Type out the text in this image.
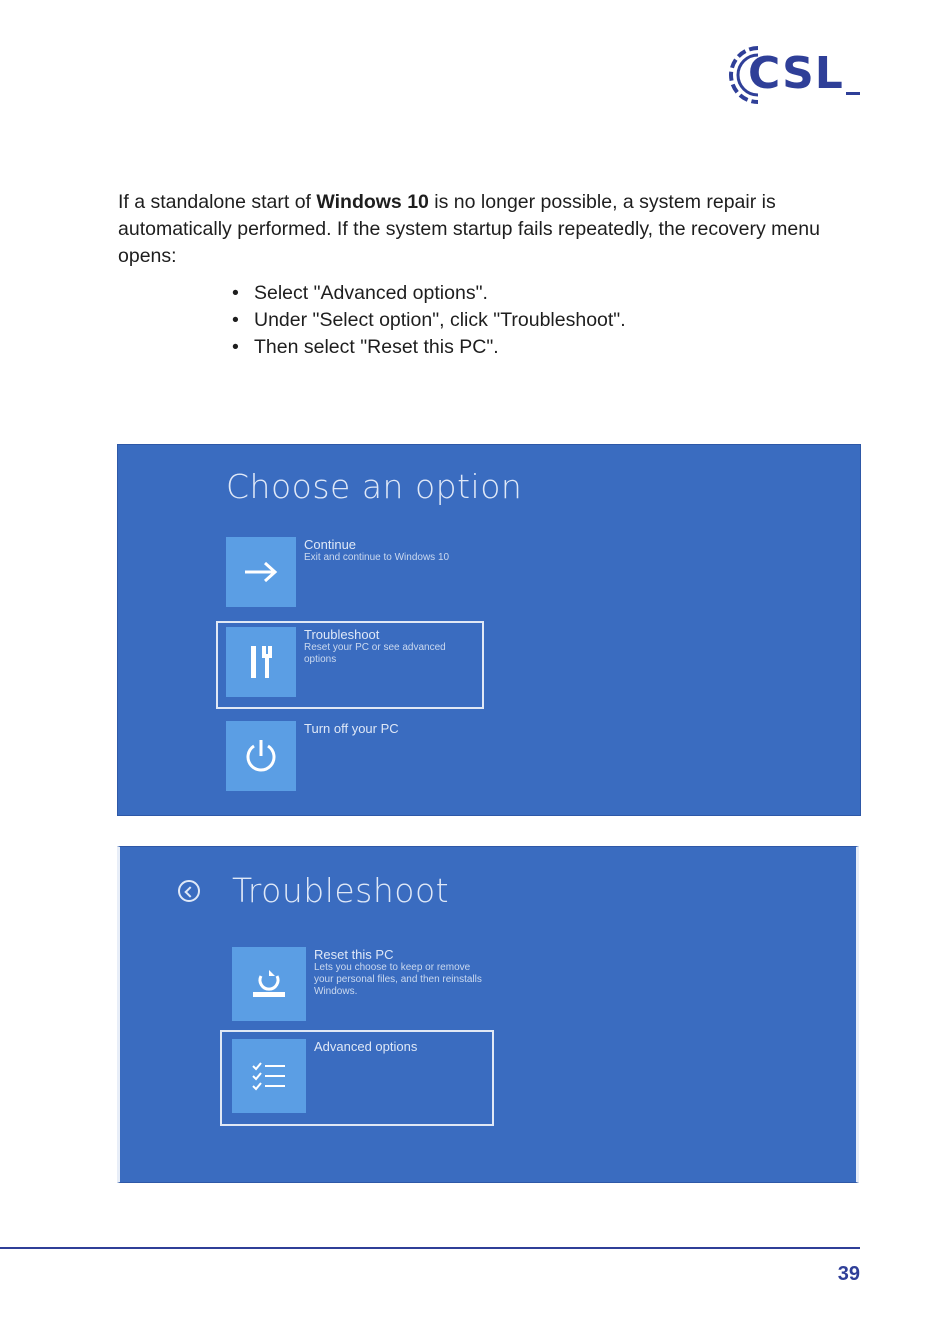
CSL
If a standalone start of Windows 10 is no longer possible, a system repair is automatically performed. If the system startup fails repeatedly, the recovery menu opens:
• Select "Advanced options".
• Under "Select option", click "Troubleshoot".
• Then select "Reset this PC".
Choose an option
Continue
Exit and continue to Windows 10
Troubleshoot
Reset your PC or see advanced options
Turn off your PC
Troubleshoot
Reset this PC
Lets you choose to keep or remove your personal files, and then reinstalls Windows.
Advanced options
39
